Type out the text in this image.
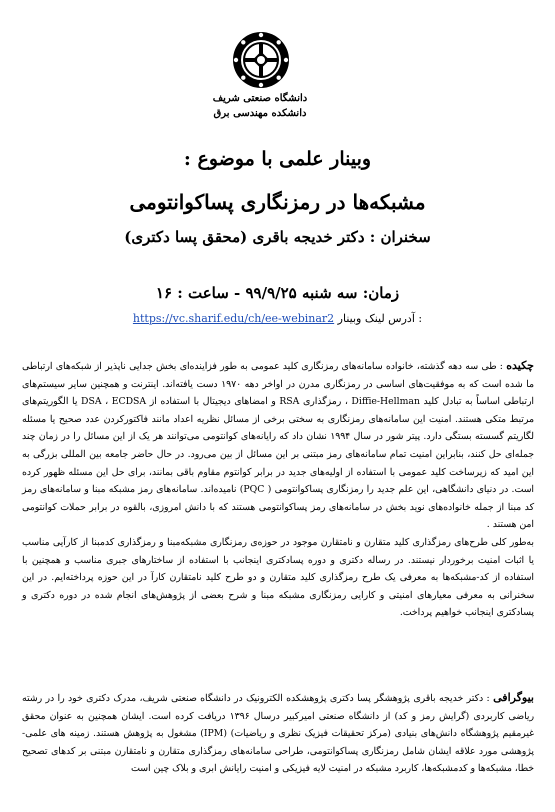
دانشگاه صنعتی شریف
دانشکده مهندسی برق
وبینار علمی با موضوع :
مشبکه‌ها در رمزنگاری پساکوانتومی
سخنران : دکتر خدیجه باقری (محقق پسا دکتری)
زمان: سه شنبه ۹۹/۹/۲۵ - ساعت : ۱۶
https://vc.sharif.edu/ch/ee-webinar2 آدرس لینک وبینار :
چکیده : طی سه دهه گذشته، خانواده سامانه‌های رمزنگاری کلید عمومی به طور فزاینده‌ای بخش جدایی ناپذیر از شبکه‌های ارتباطی ما شده است که به موفقیت‌های اساسی در رمزنگاری مدرن در اواخر دهه ۱۹۷۰ دست یافته‌اند. اینترنت و همچنین سایر سیستم‌های ارتباطی اساساً به تبادل کلید Diffie-Hellman ، رمزگذاری RSA و امضاهای دیجیتال با استفاده از DSA ، ECDSA یا الگوریتم‌های مرتبط متکی هستند. امنیت این سامانه‌های رمزنگاری به سختی برخی از مسائل نظریه اعداد مانند فاکتورکردن عدد صحیح یا مسئله لگاریتم گسسته بستگی دارد. پیتر شور در سال ۱۹۹۴ نشان داد که رایانه‌های کوانتومی می‌توانند هر یک از این مسائل را در زمان چند جمله‌ای حل کنند، بنابراین امنیت تمام سامانه‌های رمز مبتنی بر این مسائل از بین می‌رود. در حال حاضر جامعه بین المللی بزرگی به این امید که زیرساخت کلید عمومی با استفاده از اولیه‌های جدید در برابر کوانتوم مقاوم باقی بمانند، برای حل این مسئله ظهور کرده است. در دنیای دانشگاهی، این علم جدید را رمزنگاری پساکوانتومی ( PQC) نامیده‌اند. سامانه‌های رمز مشبکه مبنا و سامانه‌های رمز کد مبنا از جمله خانواده‌های نوید بخش در سامانه‌های رمز پساکوانتومی هستند که با دانش امروزی، بالقوه در برابر حملات کوانتومی امن هستند .
به‌طور کلی طرح‌های رمزگذاری کلید متقارن و نامتقارن موجود در حوزه‌ی رمزنگاری مشبکه‌مبنا و رمزگذاری کدمبنا از کارآیی مناسب یا اثبات امنیت برخوردار نیستند. در رساله دکتری و دوره پسادکتری اینجانب با استفاده از ساختارهای جبری مناسب و همچنین با استفاده از کد-مشبکه‌ها به معرفی یک طرح رمزگذاری کلید متقارن و دو طرح کلید نامتقارن کارآ در این حوزه پرداخته‌ایم. در این سخنرانی به معرفی معیارهای امنیتی و کارایی رمزنگاری مشبکه مبنا و شرح بعضی از پژوهش‌های انجام شده در دوره دکتری و پسادکتری اینجانب خواهیم پرداخت.
بیوگرافی : دکتر خدیجه باقری پژوهشگر پسا دکتری پژوهشکده الکترونیک در دانشگاه صنعتی شریف، مدرک دکتری خود را در رشته ریاضی کاربردی (گرایش رمز و کد) از دانشگاه صنعتی امیرکبیر درسال ۱۳۹۶ دریافت کرده است. ایشان همچنین به عنوان محقق غیرمقیم پژوهشگاه دانش‌های بنیادی (مرکز تحقیقات فیزیک نظری و ریاضیات) (IPM) مشغول به پژوهش هستند. زمینه های علمی-پژوهشی مورد علاقه ایشان شامل رمزنگاری پساکوانتومی، طراحی سامانه‌های رمزگذاری متقارن و نامتقارن مبتنی بر کدهای تصحیح خطا، مشبکه‌ها و کدمشبکه‌ها، کاربرد مشبکه در امنیت لایه فیزیکی و امنیت رایانش ابری و بلاک چین است
